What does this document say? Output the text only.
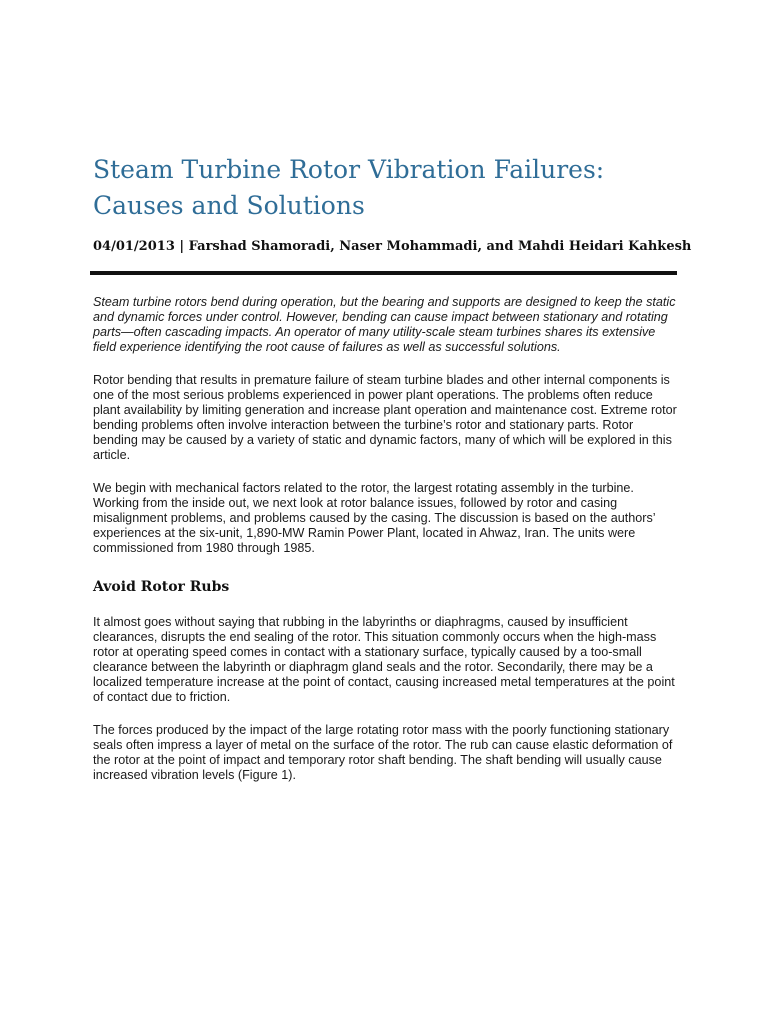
Steam Turbine Rotor Vibration Failures: Causes and Solutions
04/01/2013 | Farshad Shamoradi, Naser Mohammadi, and Mahdi Heidari Kahkesh

Steam turbine rotors bend during operation, but the bearing and supports are designed to keep the static and dynamic forces under control. However, bending can cause impact between stationary and rotating parts—often cascading impacts. An operator of many utility-scale steam turbines shares its extensive field experience identifying the root cause of failures as well as successful solutions.

Rotor bending that results in premature failure of steam turbine blades and other internal components is one of the most serious problems experienced in power plant operations. The problems often reduce plant availability by limiting generation and increase plant operation and maintenance cost. Extreme rotor bending problems often involve interaction between the turbine’s rotor and stationary parts. Rotor bending may be caused by a variety of static and dynamic factors, many of which will be explored in this article.

We begin with mechanical factors related to the rotor, the largest rotating assembly in the turbine. Working from the inside out, we next look at rotor balance issues, followed by rotor and casing misalignment problems, and problems caused by the casing. The discussion is based on the authors’ experiences at the six-unit, 1,890-MW Ramin Power Plant, located in Ahwaz, Iran. The units were commissioned from 1980 through 1985.

Avoid Rotor Rubs

It almost goes without saying that rubbing in the labyrinths or diaphragms, caused by insufficient clearances, disrupts the end sealing of the rotor. This situation commonly occurs when the high-mass rotor at operating speed comes in contact with a stationary surface, typically caused by a too-small clearance between the labyrinth or diaphragm gland seals and the rotor. Secondarily, there may be a localized temperature increase at the point of contact, causing increased metal temperatures at the point of contact due to friction.

The forces produced by the impact of the large rotating rotor mass with the poorly functioning stationary seals often impress a layer of metal on the surface of the rotor. The rub can cause elastic deformation of the rotor at the point of impact and temporary rotor shaft bending. The shaft bending will usually cause increased vibration levels (Figure 1).
